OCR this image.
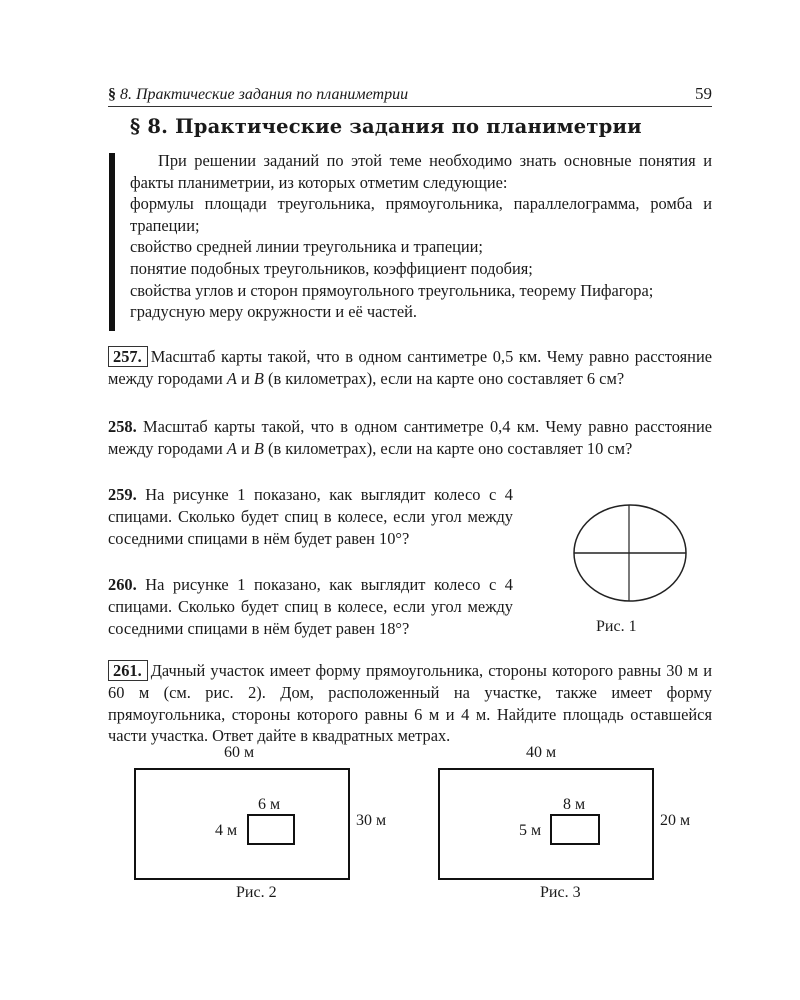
§ 8. Практические задания по планиметрии	59
§ 8. Практические задания по планиметрии

При решении заданий по этой теме необходимо знать основные понятия и факты планиметрии, из которых отметим следующие:

формулы площади треугольника, прямоугольника, параллелограмма, ромба и трапеции;

свойство средней линии треугольника и трапеции;

понятие подобных треугольников, коэффициент подобия;

свойства углов и сторон прямоугольного треугольника, теорему Пифагора;

градусную меру окружности и её частей.

257. Масштаб карты такой, что в одном сантиметре 0,5 км. Чему равно расстояние между городами A и B (в километрах), если на карте оно составляет 6 см?
258. Масштаб карты такой, что в одном сантиметре 0,4 км. Чему равно расстояние между городами A и B (в километрах), если на карте оно составляет 10 см?
259. На рисунке 1 показано, как выглядит колесо с 4 спицами. Сколько будет спиц в колесе, если угол между соседними спицами в нём будет равен 10°?
260. На рисунке 1 показано, как выглядит колесо с 4 спицами. Сколько будет спиц в колесе, если угол между соседними спицами в нём будет равен 18°?	Рис. 1
261. Дачный участок имеет форму прямоугольника, стороны которого равны 30 м и 60 м (см. рис. 2). Дом, расположенный на участке, также имеет форму прямоугольника, стороны которого равны 6 м и 4 м. Найдите площадь оставшейся части участка. Ответ дайте в квадратных метрах.
60 м
30 м
6 м
4 м
Рис. 2
40 м
20 м
8 м
5 м
Рис. 3
